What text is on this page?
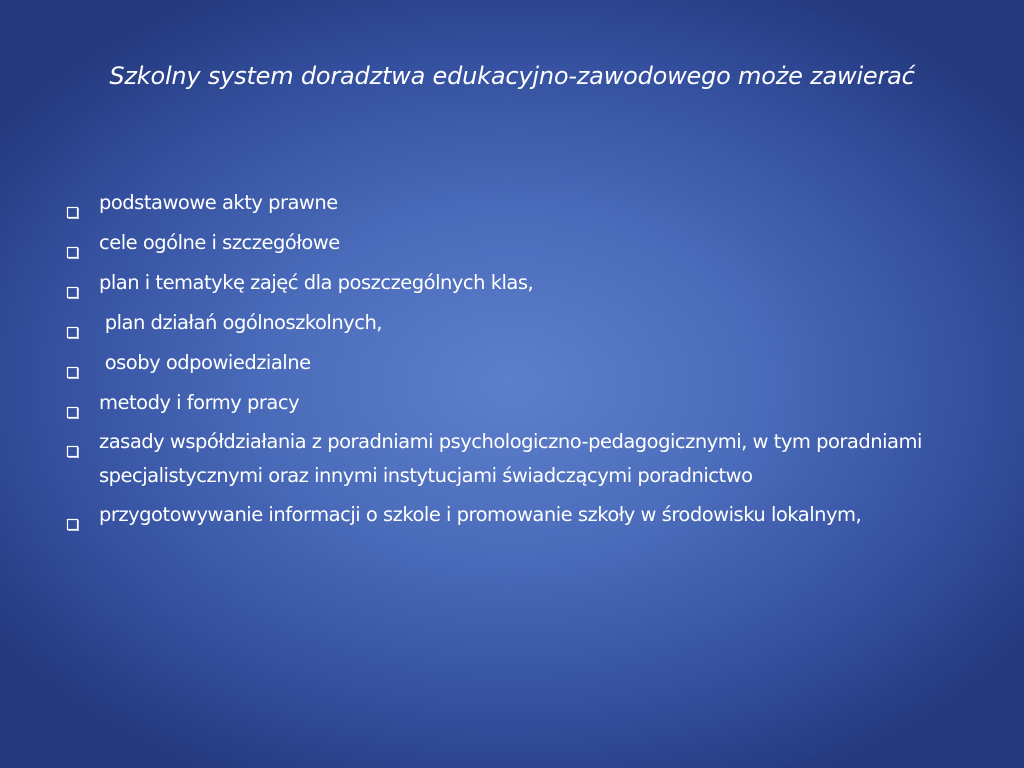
Szkolny system doradztwa edukacyjno-zawodowego może zawierać
podstawowe akty prawne
cele ogólne i szczegółowe
plan i tematykę zajęć dla poszczególnych klas,
plan działań ogólnoszkolnych,
osoby odpowiedzialne
metody i formy pracy
zasady współdziałania z poradniami psychologiczno-pedagogicznymi, w tym poradniami specjalistycznymi oraz innymi instytucjami świadczącymi poradnictwo
przygotowywanie informacji o szkole i promowanie szkoły w środowisku lokalnym,
